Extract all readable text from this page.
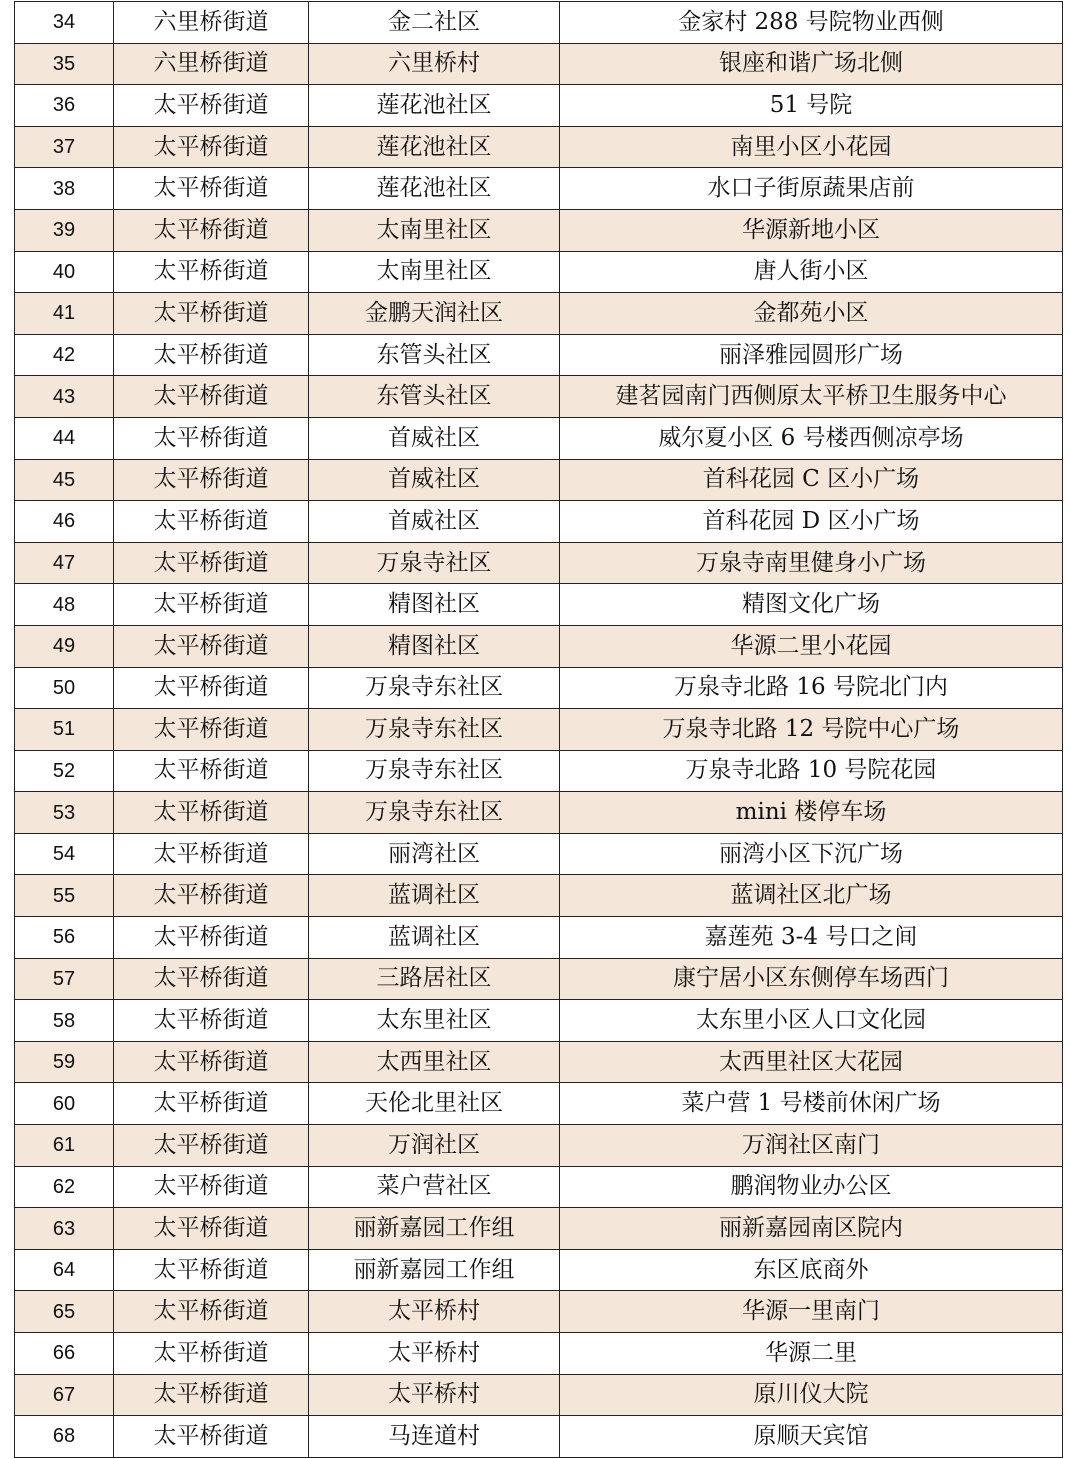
34	六里桥街道	金二社区	金家村 288 号院物业西侧
35	六里桥街道	六里桥村	银座和谐广场北侧
36	太平桥街道	莲花池社区	51 号院
37	太平桥街道	莲花池社区	南里小区小花园
38	太平桥街道	莲花池社区	水口子街原蔬果店前
39	太平桥街道	太南里社区	华源新地小区
40	太平桥街道	太南里社区	唐人街小区
41	太平桥街道	金鹏天润社区	金都苑小区
42	太平桥街道	东管头社区	丽泽雅园圆形广场
43	太平桥街道	东管头社区	建茗园南门西侧原太平桥卫生服务中心
44	太平桥街道	首威社区	威尔夏小区 6 号楼西侧凉亭场
45	太平桥街道	首威社区	首科花园 C 区小广场
46	太平桥街道	首威社区	首科花园 D 区小广场
47	太平桥街道	万泉寺社区	万泉寺南里健身小广场
48	太平桥街道	精图社区	精图文化广场
49	太平桥街道	精图社区	华源二里小花园
50	太平桥街道	万泉寺东社区	万泉寺北路 16 号院北门内
51	太平桥街道	万泉寺东社区	万泉寺北路 12 号院中心广场
52	太平桥街道	万泉寺东社区	万泉寺北路 10 号院花园
53	太平桥街道	万泉寺东社区	mini 楼停车场
54	太平桥街道	丽湾社区	丽湾小区下沉广场
55	太平桥街道	蓝调社区	蓝调社区北广场
56	太平桥街道	蓝调社区	嘉莲苑 3-4 号口之间
57	太平桥街道	三路居社区	康宁居小区东侧停车场西门
58	太平桥街道	太东里社区	太东里小区人口文化园
59	太平桥街道	太西里社区	太西里社区大花园
60	太平桥街道	天伦北里社区	菜户营 1 号楼前休闲广场
61	太平桥街道	万润社区	万润社区南门
62	太平桥街道	菜户营社区	鹏润物业办公区
63	太平桥街道	丽新嘉园工作组	丽新嘉园南区院内
64	太平桥街道	丽新嘉园工作组	东区底商外
65	太平桥街道	太平桥村	华源一里南门
66	太平桥街道	太平桥村	华源二里
67	太平桥街道	太平桥村	原川仪大院
68	太平桥街道	马连道村	原顺天宾馆
